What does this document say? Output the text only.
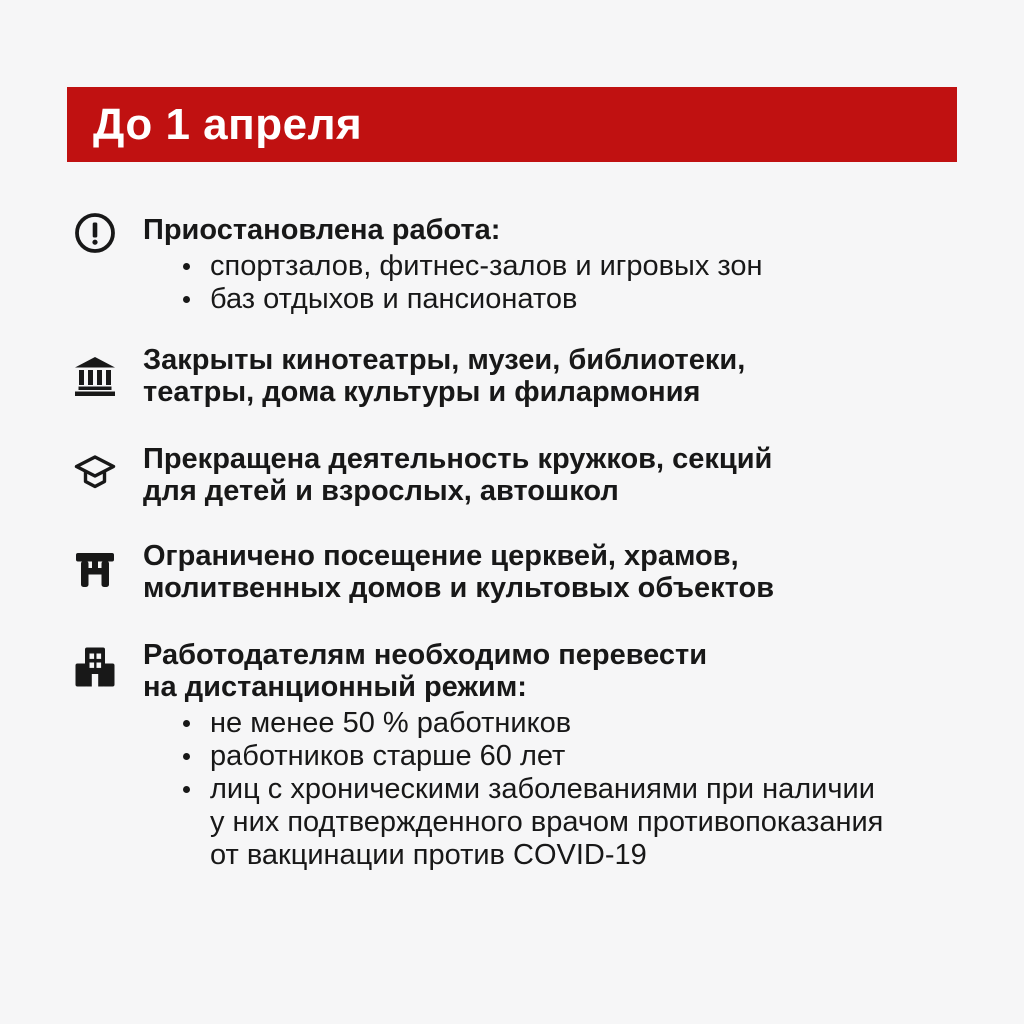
До 1 апреля
Приостановлена работа:
спортзалов, фитнес-залов и игровых зон
баз отдыхов и пансионатов
Закрыты кинотеатры, музеи, библиотеки,
театры, дома культуры и филармония
Прекращена деятельность кружков, секций
для детей и взрослых, автошкол
Ограничено посещение церквей, храмов,
молитвенных домов и культовых объектов
Работодателям необходимо перевести
на дистанционный режим:
не менее 50 % работников
работников старше 60 лет
лиц с хроническими заболеваниями при наличии
у них подтвержденного врачом противопоказания
от вакцинации против COVID-19
